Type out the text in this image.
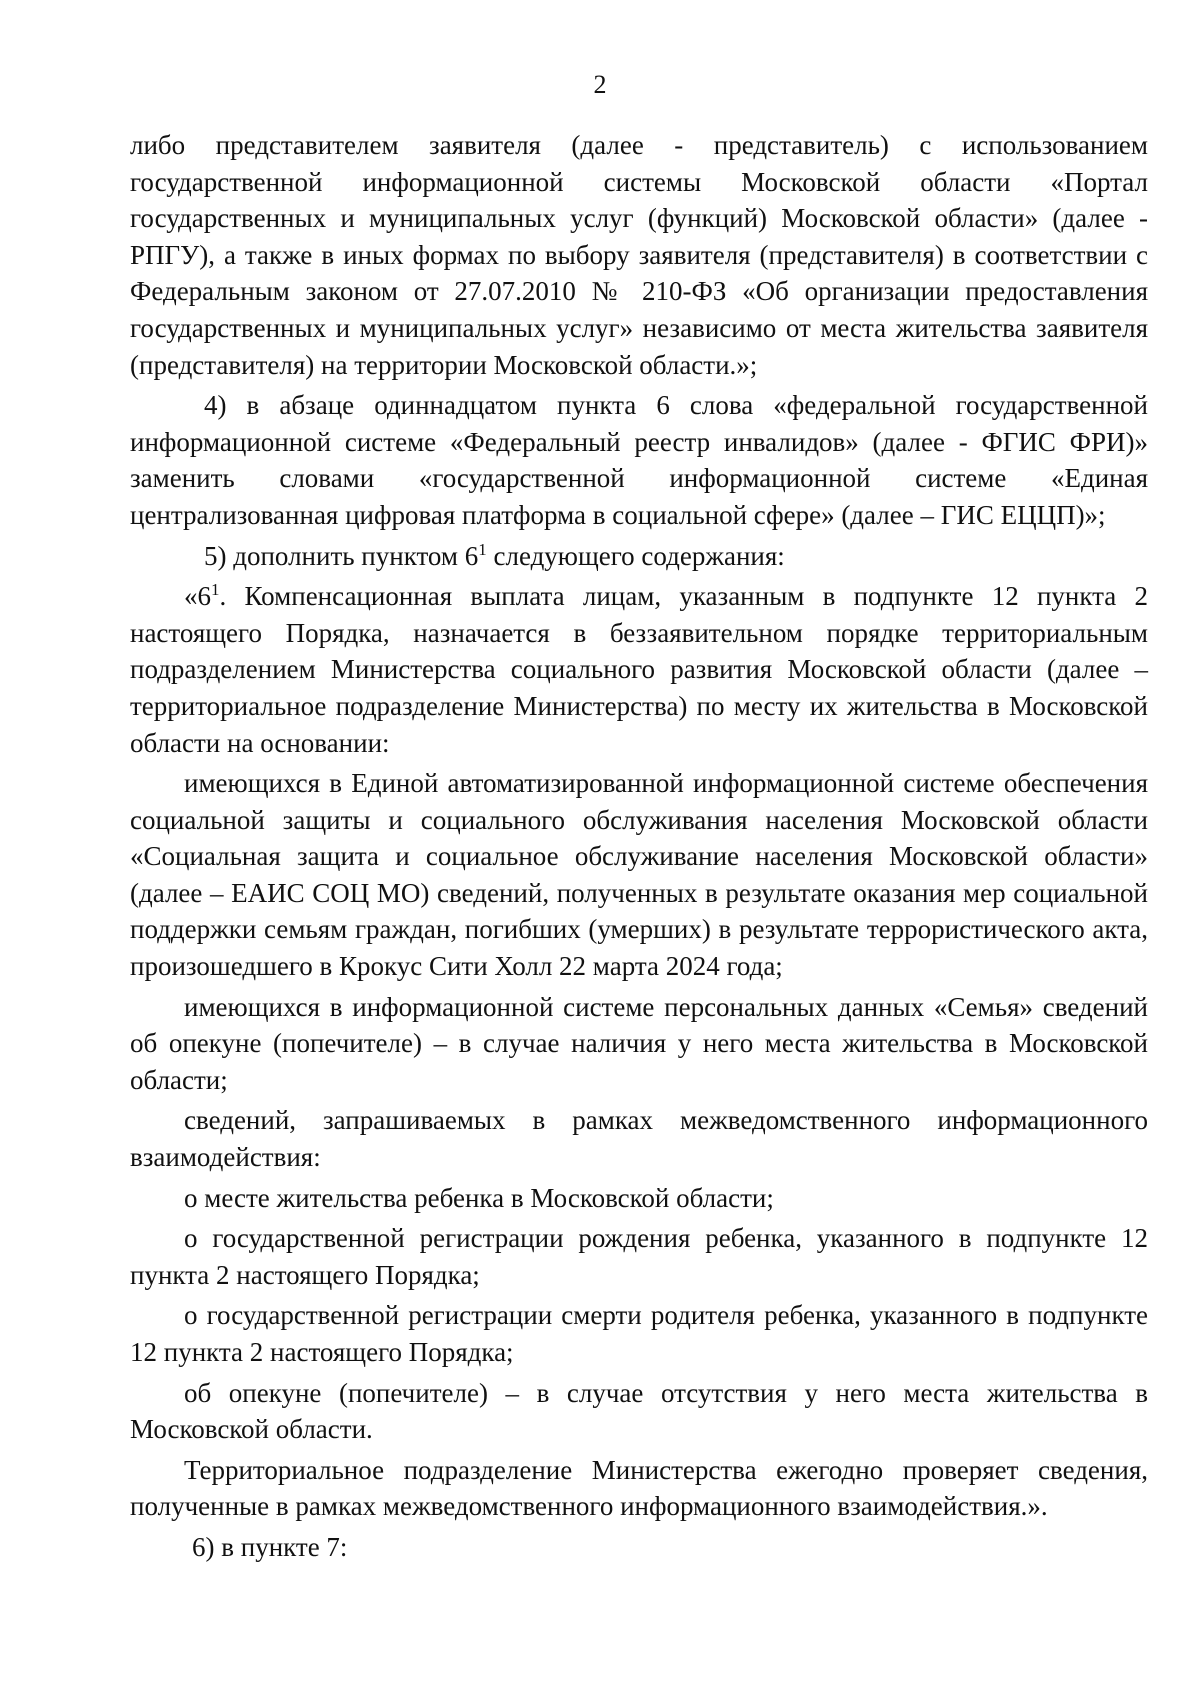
2

либо представителем заявителя (далее - представитель) с использованием государственной информационной системы Московской области «Портал государственных и муниципальных услуг (функций) Московской области» (далее - РПГУ), а также в иных формах по выбору заявителя (представителя) в соответствии с Федеральным законом от 27.07.2010 № 210-ФЗ «Об организации предоставления государственных и муниципальных услуг» независимо от места жительства заявителя (представителя) на территории Московской области.»;

4) в абзаце одиннадцатом пункта 6 слова «федеральной государственной информационной системе «Федеральный реестр инвалидов» (далее - ФГИС ФРИ)» заменить словами «государственной информационной системе «Единая централизованная цифровая платформа в социальной сфере» (далее – ГИС ЕЦЦП)»;

5) дополнить пунктом $6^1$ следующего содержания:

«$6^1$. Компенсационная выплата лицам, указанным в подпункте 12 пункта 2 настоящего Порядка, назначается в беззаявительном порядке территориальным подразделением Министерства социального развития Московской области (далее – территориальное подразделение Министерства) по месту их жительства в Московской области на основании:

имеющихся в Единой автоматизированной информационной системе обеспечения социальной защиты и социального обслуживания населения Московской области «Социальная защита и социальное обслуживание населения Московской области» (далее – ЕАИС СОЦ МО) сведений, полученных в результате оказания мер социальной поддержки семьям граждан, погибших (умерших) в результате террористического акта, произошедшего в Крокус Сити Холл 22 марта 2024 года;

имеющихся в информационной системе персональных данных «Семья» сведений об опекуне (попечителе) – в случае наличия у него места жительства в Московской области;

сведений, запрашиваемых в рамках межведомственного информационного взаимодействия:

о месте жительства ребенка в Московской области;

о государственной регистрации рождения ребенка, указанного в подпункте 12 пункта 2 настоящего Порядка;

о государственной регистрации смерти родителя ребенка, указанного в подпункте 12 пункта 2 настоящего Порядка;

об опекуне (попечителе) – в случае отсутствия у него места жительства в Московской области.

Территориальное подразделение Министерства ежегодно проверяет сведения, полученные в рамках межведомственного информационного взаимодействия.».

6) в пункте 7:
